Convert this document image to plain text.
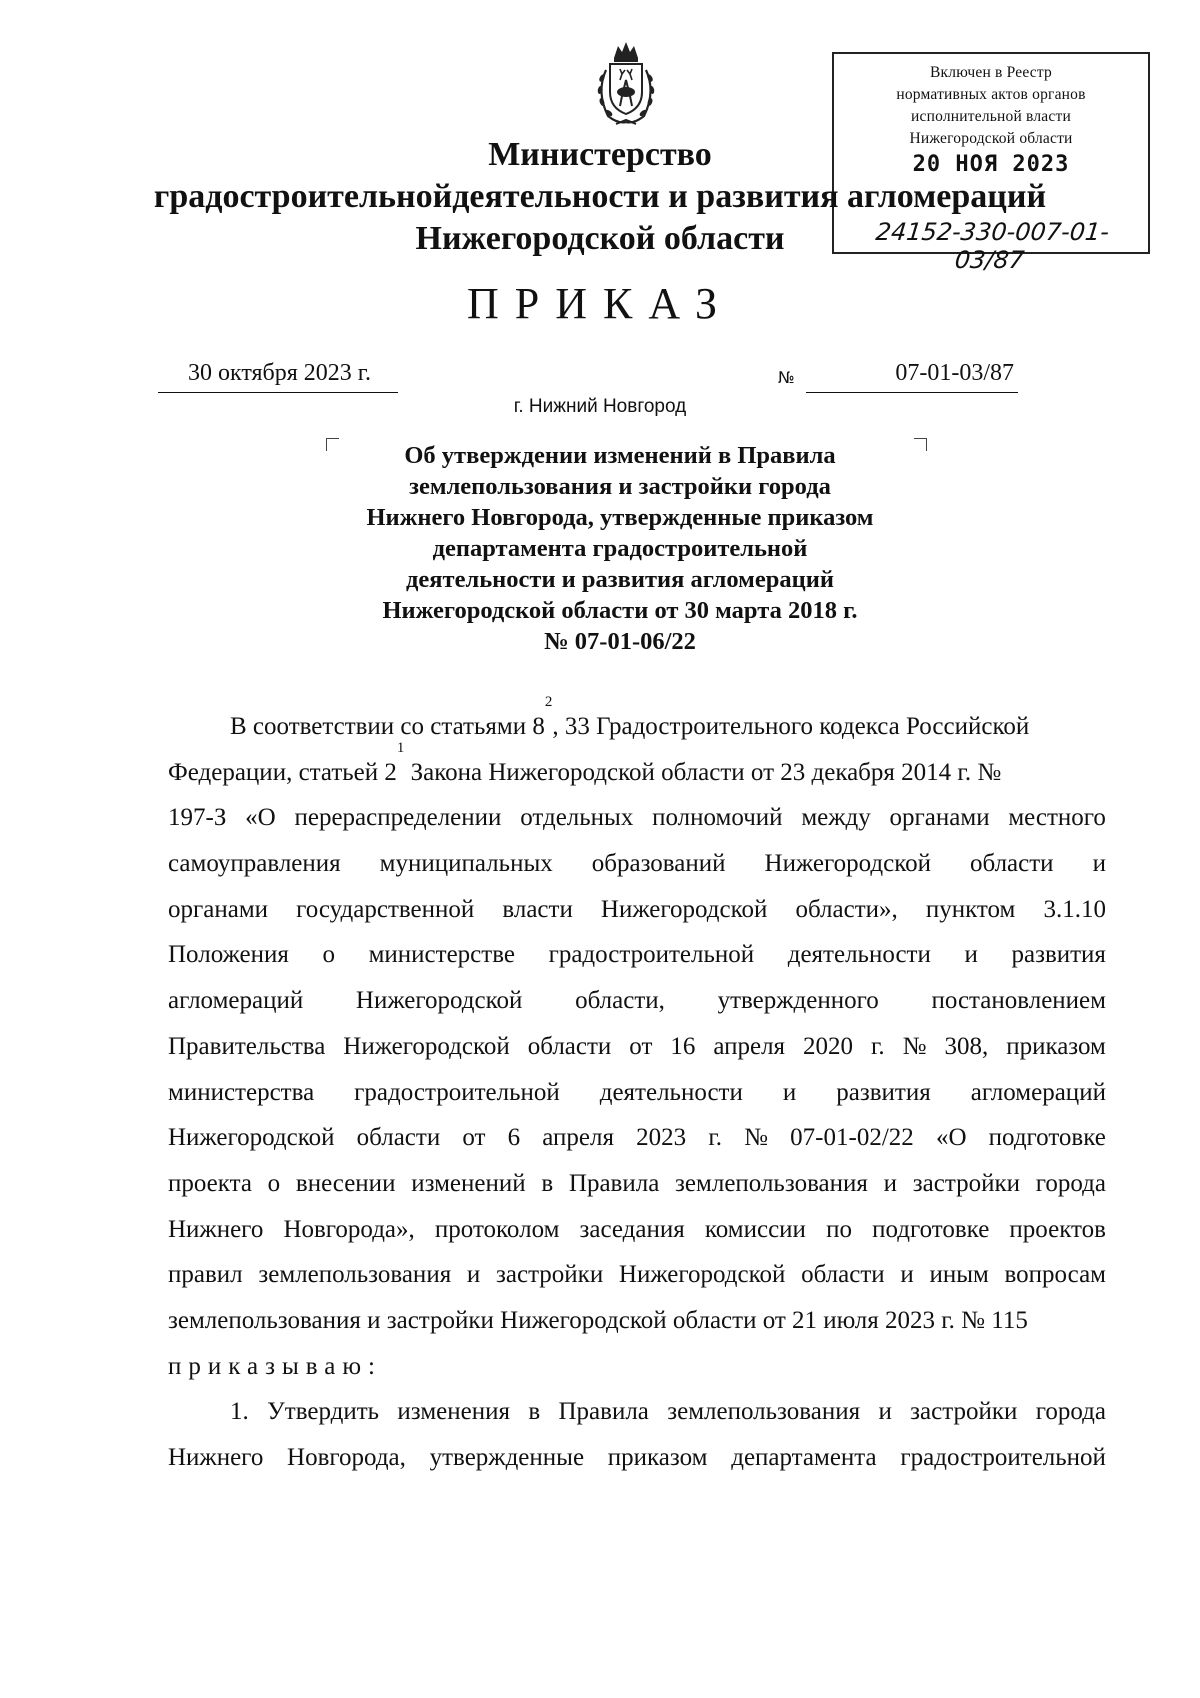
Включен в Реестр
нормативных актов органов
исполнительной власти
Нижегородской области
20 НОЯ 2023
24152-330-007-01-03/87
Министерство
градостроительнойдеятельности и развития агломераций
Нижегородской области
ПРИКАЗ
30 октября 2023 г.	№	07-01-03/87
г. Нижний Новгород
Об утверждении изменений в Правила
землепользования и застройки города
Нижнего Новгорода, утвержденные приказом
департамента градостроительной
деятельности и развития агломераций
Нижегородской области от 30 марта 2018 г.
№ 07-01-06/22
В соответствии со статьями 8
$^2$
, 33 Градостроительного кодекса Российской
Федерации, статьей 2
$^1$
Закона Нижегородской области от 23 декабря 2014 г. №
197-З «О перераспределении отдельных полномочий между органами местного
самоуправления муниципальных образований Нижегородской области и
органами государственной власти Нижегородской области», пунктом 3.1.10
Положения о министерстве градостроительной деятельности и развития
агломераций Нижегородской области, утвержденного постановлением
Правительства Нижегородской области от 16 апреля 2020 г. № 308, приказом
министерства градостроительной деятельности и развития агломераций
Нижегородской области от 6 апреля 2023 г. № 07-01-02/22 «О подготовке
проекта о внесении изменений в Правила землепользования и застройки города
Нижнего Новгорода», протоколом заседания комиссии по подготовке проектов
правил землепользования и застройки Нижегородской области и иным вопросам
землепользования и застройки Нижегородской области от 21 июля 2023 г. № 115
приказываю:
1. Утвердить изменения в Правила землепользования и застройки города
Нижнего Новгорода, утвержденные приказом департамента градостроительной
